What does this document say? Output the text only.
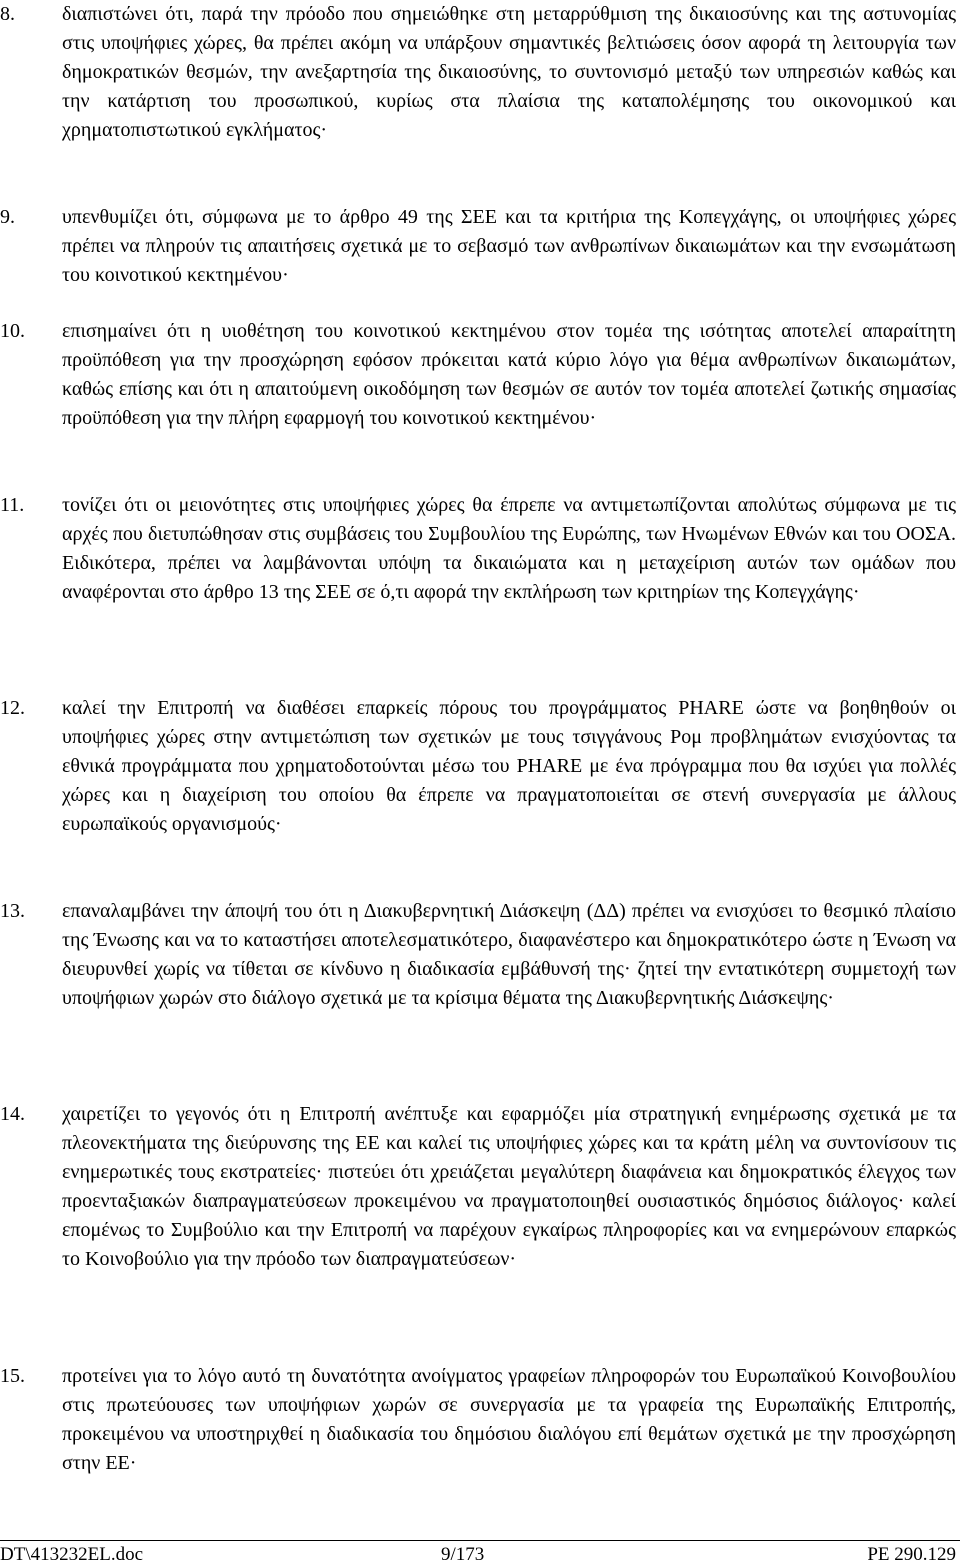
8.	διαπιστώνει ότι, παρά την πρόοδο που σημειώθηκε στη μεταρρύθμιση της δικαιοσύνης και της αστυνομίας στις υποψήφιες χώρες, θα πρέπει ακόμη να υπάρξουν σημαντικές βελτιώσεις όσον αφορά τη λειτουργία των δημοκρατικών θεσμών, την ανεξαρτησία της δικαιοσύνης, το συντονισμό μεταξύ των υπηρεσιών καθώς και την κατάρτιση του προσωπικού, κυρίως στα πλαίσια της καταπολέμησης του οικονομικού και χρηματοπιστωτικού εγκλήματος·
9.	υπενθυμίζει ότι, σύμφωνα με το άρθρο 49 της ΣΕΕ και τα κριτήρια της Κοπεγχάγης, οι υποψήφιες χώρες πρέπει να πληρούν τις απαιτήσεις σχετικά με το σεβασμό των ανθρωπίνων δικαιωμάτων και την ενσωμάτωση του κοινοτικού κεκτημένου·
10.	επισημαίνει ότι η υιοθέτηση του κοινοτικού κεκτημένου στον τομέα της ισότητας αποτελεί απαραίτητη προϋπόθεση για την προσχώρηση εφόσον πρόκειται κατά κύριο λόγο για θέμα ανθρωπίνων δικαιωμάτων, καθώς επίσης και ότι η απαιτούμενη οικοδόμηση των θεσμών σε αυτόν τον τομέα αποτελεί ζωτικής σημασίας προϋπόθεση για την πλήρη εφαρμογή του κοινοτικού κεκτημένου·
11.	τονίζει ότι οι μειονότητες στις υποψήφιες χώρες θα έπρεπε να αντιμετωπίζονται απολύτως σύμφωνα με τις αρχές που διετυπώθησαν στις συμβάσεις του Συμβουλίου της Ευρώπης, των Ηνωμένων Εθνών και του ΟΟΣΑ. Ειδικότερα, πρέπει να λαμβάνονται υπόψη τα δικαιώματα και η μεταχείριση αυτών των ομάδων που αναφέρονται στο άρθρο 13 της ΣΕΕ σε ό,τι αφορά την εκπλήρωση των κριτηρίων της Κοπεγχάγης·
12.	καλεί την Επιτροπή να διαθέσει επαρκείς πόρους του προγράμματος PHARE ώστε να βοηθηθούν οι υποψήφιες χώρες στην αντιμετώπιση των σχετικών με τους τσιγγάνους Ρομ προβλημάτων ενισχύοντας τα εθνικά προγράμματα που χρηματοδοτούνται μέσω του PHARE με ένα πρόγραμμα που θα ισχύει για πολλές χώρες και η διαχείριση του οποίου θα έπρεπε να πραγματοποιείται σε στενή συνεργασία με άλλους ευρωπαϊκούς οργανισμούς·
13.	επαναλαμβάνει την άποψή του ότι η Διακυβερνητική Διάσκεψη (ΔΔ) πρέπει να ενισχύσει το θεσμικό πλαίσιο της Ένωσης και να το καταστήσει αποτελεσματικότερο, διαφανέστερο και δημοκρατικότερο ώστε η Ένωση να διευρυνθεί χωρίς να τίθεται σε κίνδυνο η διαδικασία εμβάθυνσή της· ζητεί την εντατικότερη συμμετοχή των υποψήφιων χωρών στο διάλογο σχετικά με τα κρίσιμα θέματα της Διακυβερνητικής Διάσκεψης·
14.	χαιρετίζει το γεγονός ότι η Επιτροπή ανέπτυξε και εφαρμόζει μία στρατηγική ενημέρωσης σχετικά με τα πλεονεκτήματα της διεύρυνσης της ΕΕ και καλεί τις υποψήφιες χώρες και τα κράτη μέλη να συντονίσουν τις ενημερωτικές τους εκστρατείες· πιστεύει ότι χρειάζεται μεγαλύτερη διαφάνεια και δημοκρατικός έλεγχος των προενταξιακών διαπραγματεύσεων προκειμένου να πραγματοποιηθεί ουσιαστικός δημόσιος διάλογος· καλεί επομένως το Συμβούλιο και την Επιτροπή να παρέχουν εγκαίρως πληροφορίες και να ενημερώνουν επαρκώς το Κοινοβούλιο για την πρόοδο των διαπραγματεύσεων·
15.	προτείνει για το λόγο αυτό τη δυνατότητα ανοίγματος γραφείων πληροφορών του Ευρωπαϊκού Κοινοβουλίου στις πρωτεύουσες των υποψήφιων χωρών σε συνεργασία με τα γραφεία της Ευρωπαϊκής Επιτροπής, προκειμένου να υποστηριχθεί η διαδικασία του δημόσιου διαλόγου επί θεμάτων σχετικά με την προσχώρηση στην ΕΕ·
DT\413232EL.doc	9/173	PE 290.129
